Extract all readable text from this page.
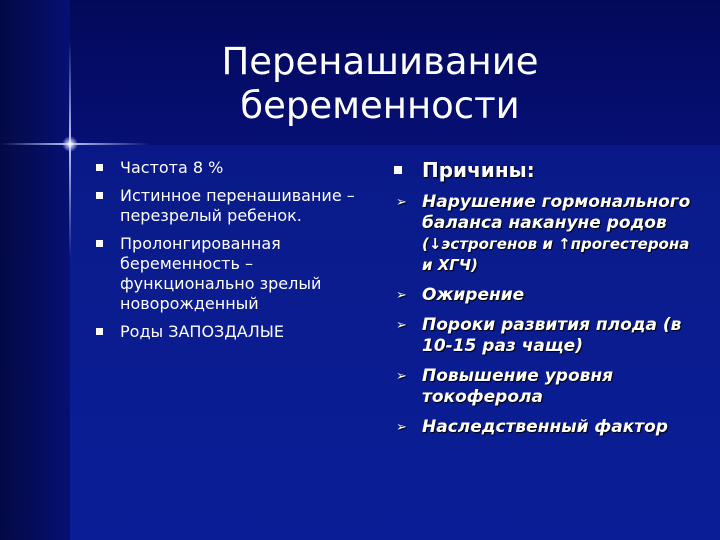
Перенашивание
беременности
Частота 8 %
Истинное перенашивание – перезрелый ребенок.
Пролонгированная беременность – функционально зрелый новорожденный
Роды ЗАПОЗДАЛЫЕ
Причины:
➢ Нарушение гормонального баланса накануне родов (↓эстрогенов и ↑прогестерона и ХГЧ)
➢ Ожирение
➢ Пороки развития плода (в 10-15 раз чаще)
➢ Повышение уровня токоферола
➢ Наследственный фактор
